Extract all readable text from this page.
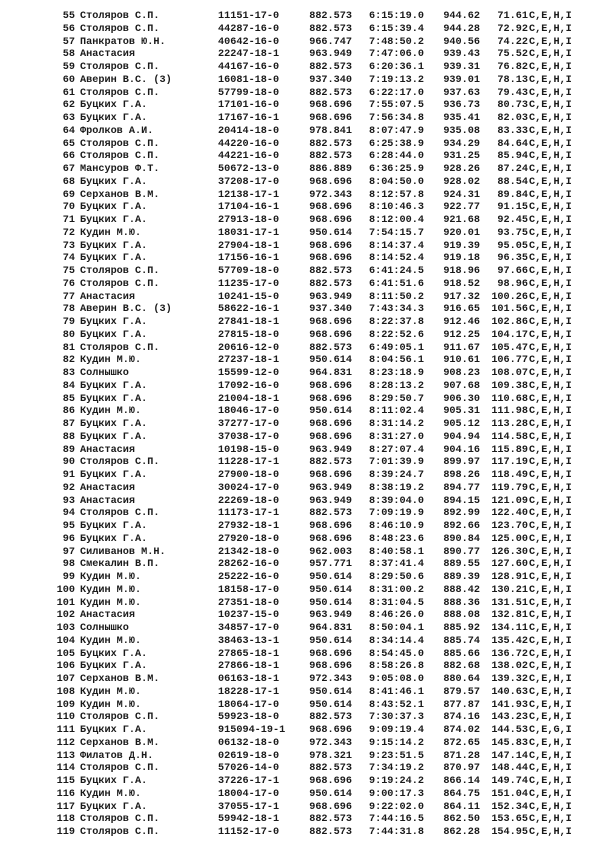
55 Столяров С.П.	11151-17-0	882.573	6:15:19.0	944.62	71.61 C,E,H,I
56 Столяров С.П.	44287-16-0	882.573	6:15:39.4	944.28	72.92 C,E,H,I
57 Панкратов Ю.Н.	40642-16-0	966.747	7:48:50.2	940.56	74.22 C,E,H,I
58 Анастасия	22247-18-1	963.949	7:47:06.0	939.43	75.52 C,E,H,I
59 Столяров С.П.	44167-16-0	882.573	6:20:36.1	939.31	76.82 C,E,H,I
60 Аверин В.С. (3)	16081-18-0	937.340	7:19:13.2	939.01	78.13 C,E,H,I
61 Столяров С.П.	57799-18-0	882.573	6:22:17.0	937.63	79.43 C,E,H,I
62 Буцких Г.А.	17101-16-0	968.696	7:55:07.5	936.73	80.73 C,E,H,I
63 Буцких Г.А.	17167-16-1	968.696	7:56:34.8	935.41	82.03 C,E,H,I
64 Фролков А.И.	20414-18-0	978.841	8:07:47.9	935.08	83.33 C,E,H,I
65 Столяров С.П.	44220-16-0	882.573	6:25:38.9	934.29	84.64 C,E,H,I
66 Столяров С.П.	44221-16-0	882.573	6:28:44.0	931.25	85.94 C,E,H,I
67 Мансуров Ф.Т.	50672-13-0	886.889	6:36:25.9	928.26	87.24 C,E,H,I
68 Буцких Г.А.	37208-17-0	968.696	8:04:50.0	928.02	88.54 C,E,H,I
69 Серханов В.М.	12138-17-1	972.343	8:12:57.8	924.31	89.84 C,E,H,I
70 Буцких Г.А.	17104-16-1	968.696	8:10:46.3	922.77	91.15 C,E,H,I
71 Буцких Г.А.	27913-18-0	968.696	8:12:00.4	921.68	92.45 C,E,H,I
72 Кудин М.Ю.	18031-17-1	950.614	7:54:15.7	920.01	93.75 C,E,H,I
73 Буцких Г.А.	27904-18-1	968.696	8:14:37.4	919.39	95.05 C,E,H,I
74 Буцких Г.А.	17156-16-1	968.696	8:14:52.4	919.18	96.35 C,E,H,I
75 Столяров С.П.	57709-18-0	882.573	6:41:24.5	918.96	97.66 C,E,H,I
76 Столяров С.П.	11235-17-0	882.573	6:41:51.6	918.52	98.96 C,E,H,I
77 Анастасия	10241-15-0	963.949	8:11:50.2	917.32	100.26 C,E,H,I
78 Аверин В.С. (3)	58622-16-1	937.340	7:43:34.3	916.65	101.56 C,E,H,I
79 Буцких Г.А.	27841-18-1	968.696	8:22:37.8	912.46	102.86 C,E,H,I
80 Буцких Г.А.	27815-18-0	968.696	8:22:52.6	912.25	104.17 C,E,H,I
81 Столяров С.П.	20616-12-0	882.573	6:49:05.1	911.67	105.47 C,E,H,I
82 Кудин М.Ю.	27237-18-1	950.614	8:04:56.1	910.61	106.77 C,E,H,I
83 Солнышко	15599-12-0	964.831	8:23:18.9	908.23	108.07 C,E,H,I
84 Буцких Г.А.	17092-16-0	968.696	8:28:13.2	907.68	109.38 C,E,H,I
85 Буцких Г.А.	21004-18-1	968.696	8:29:50.7	906.30	110.68 C,E,H,I
86 Кудин М.Ю.	18046-17-0	950.614	8:11:02.4	905.31	111.98 C,E,H,I
87 Буцких Г.А.	37277-17-0	968.696	8:31:14.2	905.12	113.28 C,E,H,I
88 Буцких Г.А.	37038-17-0	968.696	8:31:27.0	904.94	114.58 C,E,H,I
89 Анастасия	10198-15-0	963.949	8:27:07.4	904.16	115.89 C,E,H,I
90 Столяров С.П.	11228-17-1	882.573	7:01:39.9	899.97	117.19 C,E,H,I
91 Буцких Г.А.	27900-18-0	968.696	8:39:24.7	898.26	118.49 C,E,H,I
92 Анастасия	30024-17-0	963.949	8:38:19.2	894.77	119.79 C,E,H,I
93 Анастасия	22269-18-0	963.949	8:39:04.0	894.15	121.09 C,E,H,I
94 Столяров С.П.	11173-17-1	882.573	7:09:19.9	892.99	122.40 C,E,H,I
95 Буцких Г.А.	27932-18-1	968.696	8:46:10.9	892.66	123.70 C,E,H,I
96 Буцких Г.А.	27920-18-0	968.696	8:48:23.6	890.84	125.00 C,E,H,I
97 Силиванов М.Н.	21342-18-0	962.003	8:40:58.1	890.77	126.30 C,E,H,I
98 Смекалин В.П.	28262-16-0	957.771	8:37:41.4	889.55	127.60 C,E,H,I
99 Кудин М.Ю.	25222-16-0	950.614	8:29:50.6	889.39	128.91 C,E,H,I
100 Кудин М.Ю.	18158-17-0	950.614	8:31:00.2	888.42	130.21 C,E,H,I
101 Кудин М.Ю.	27351-18-0	950.614	8:31:04.5	888.36	131.51 C,E,H,I
102 Анастасия	10237-15-0	963.949	8:46:26.0	888.08	132.81 C,E,H,I
103 Солнышко	34857-17-0	964.831	8:50:04.1	885.92	134.11 C,E,H,I
104 Кудин М.Ю.	38463-13-1	950.614	8:34:14.4	885.74	135.42 C,E,H,I
105 Буцких Г.А.	27865-18-1	968.696	8:54:45.0	885.66	136.72 C,E,H,I
106 Буцких Г.А.	27866-18-1	968.696	8:58:26.8	882.68	138.02 C,E,H,I
107 Серханов В.М.	06163-18-1	972.343	9:05:08.0	880.64	139.32 C,E,H,I
108 Кудин М.Ю.	18228-17-1	950.614	8:41:46.1	879.57	140.63 C,E,H,I
109 Кудин М.Ю.	18064-17-0	950.614	8:43:52.1	877.87	141.93 C,E,H,I
110 Столяров С.П.	59923-18-0	882.573	7:30:37.3	874.16	143.23 C,E,H,I
111 Буцких Г.А.	915094-19-1	968.696	9:09:19.4	874.02	144.53 C,E,G,I
112 Серханов В.М.	06132-18-0	972.343	9:15:14.2	872.65	145.83 C,E,H,I
113 Филатов Д.Н.	02619-18-0	978.321	9:23:51.5	871.28	147.14 C,E,H,I
114 Столяров С.П.	57026-14-0	882.573	7:34:19.2	870.97	148.44 C,E,H,I
115 Буцких Г.А.	37226-17-1	968.696	9:19:24.2	866.14	149.74 C,E,H,I
116 Кудин М.Ю.	18004-17-0	950.614	9:00:17.3	864.75	151.04 C,E,H,I
117 Буцких Г.А.	37055-17-1	968.696	9:22:02.0	864.11	152.34 C,E,H,I
118 Столяров С.П.	59942-18-1	882.573	7:44:16.5	862.50	153.65 C,E,H,I
119 Столяров С.П.	11152-17-0	882.573	7:44:31.8	862.28	154.95 C,E,H,I
